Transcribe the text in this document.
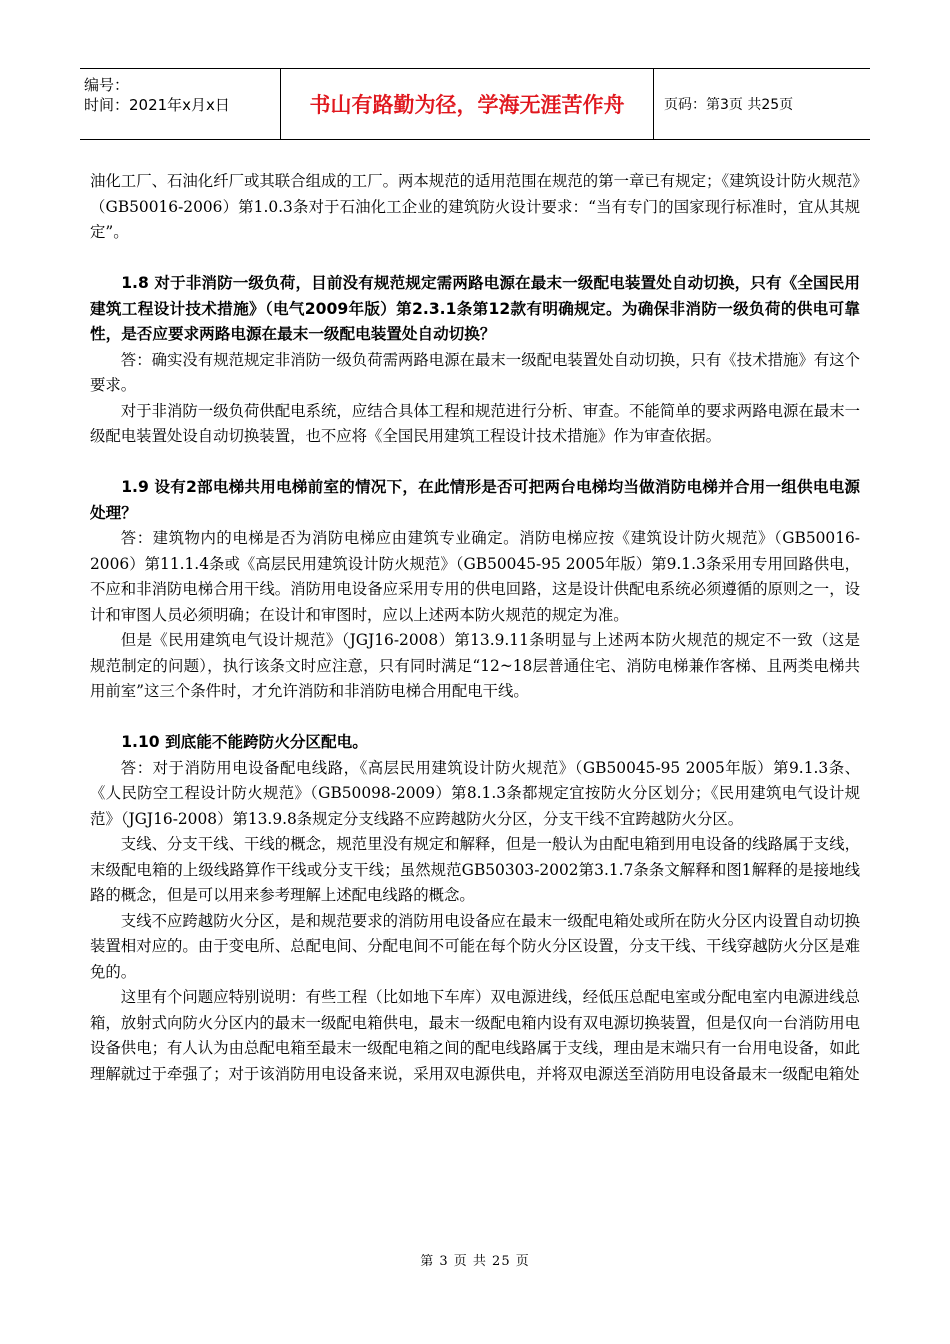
编号：
时间：2021年x月x日	书山有路勤为径，学海无涯苦作舟	页码：第3页 共25页

油化工厂、石油化纤厂或其联合组成的工厂。两本规范的适用范围在规范的第一章已有规定；《建筑设计防火规范》（GB50016-2006）第1.0.3条对于石油化工企业的建筑防火设计要求：“当有专门的国家现行标准时，宜从其规定”。

1.8 对于非消防一级负荷，目前没有规范规定需两路电源在最末一级配电装置处自动切换，只有《全国民用建筑工程设计技术措施》（电气2009年版）第2.3.1条第12款有明确规定。为确保非消防一级负荷的供电可靠性，是否应要求两路电源在最末一级配电装置处自动切换？

答：确实没有规范规定非消防一级负荷需两路电源在最末一级配电装置处自动切换，只有《技术措施》有这个要求。

对于非消防一级负荷供配电系统，应结合具体工程和规范进行分析、审查。不能简单的要求两路电源在最末一级配电装置处设自动切换装置，也不应将《全国民用建筑工程设计技术措施》作为审查依据。

1.9 设有2部电梯共用电梯前室的情况下，在此情形是否可把两台电梯均当做消防电梯并合用一组供电电源处理？

答：建筑物内的电梯是否为消防电梯应由建筑专业确定。消防电梯应按《建筑设计防火规范》（GB50016-2006）第11.1.4条或《高层民用建筑设计防火规范》（GB50045-95 2005年版）第9.1.3条采用专用回路供电，不应和非消防电梯合用干线。消防用电设备应采用专用的供电回路，这是设计供配电系统必须遵循的原则之一，设计和审图人员必须明确；在设计和审图时，应以上述两本防火规范的规定为准。

但是《民用建筑电气设计规范》（JGJ16-2008）第13.9.11条明显与上述两本防火规范的规定不一致（这是规范制定的问题），执行该条文时应注意，只有同时满足“12~18层普通住宅、消防电梯兼作客梯、且两类电梯共用前室”这三个条件时，才允许消防和非消防电梯合用配电干线。

1.10 到底能不能跨防火分区配电。

答：对于消防用电设备配电线路，《高层民用建筑设计防火规范》（GB50045-95 2005年版）第9.1.3条、《人民防空工程设计防火规范》（GB50098-2009）第8.1.3条都规定宜按防火分区划分；《民用建筑电气设计规范》（JGJ16-2008）第13.9.8条规定分支线路不应跨越防火分区，分支干线不宜跨越防火分区。

支线、分支干线、干线的概念，规范里没有规定和解释，但是一般认为由配电箱到用电设备的线路属于支线，末级配电箱的上级线路算作干线或分支干线；虽然规范GB50303-2002第3.1.7条条文解释和图1解释的是接地线路的概念，但是可以用来参考理解上述配电线路的概念。

支线不应跨越防火分区，是和规范要求的消防用电设备应在最末一级配电箱处或所在防火分区内设置自动切换装置相对应的。由于变电所、总配电间、分配电间不可能在每个防火分区设置，分支干线、干线穿越防火分区是难免的。

这里有个问题应特别说明：有些工程（比如地下车库）双电源进线，经低压总配电室或分配电室内电源进线总箱，放射式向防火分区内的最末一级配电箱供电，最末一级配电箱内设有双电源切换装置，但是仅向一台消防用电设备供电；有人认为由总配电箱至最末一级配电箱之间的配电线路属于支线，理由是末端只有一台用电设备，如此理解就过于牵强了；对于该消防用电设备来说，采用双电源供电，并将双电源送至消防用电设备最末一级配电箱处

第 3 页 共 25 页
